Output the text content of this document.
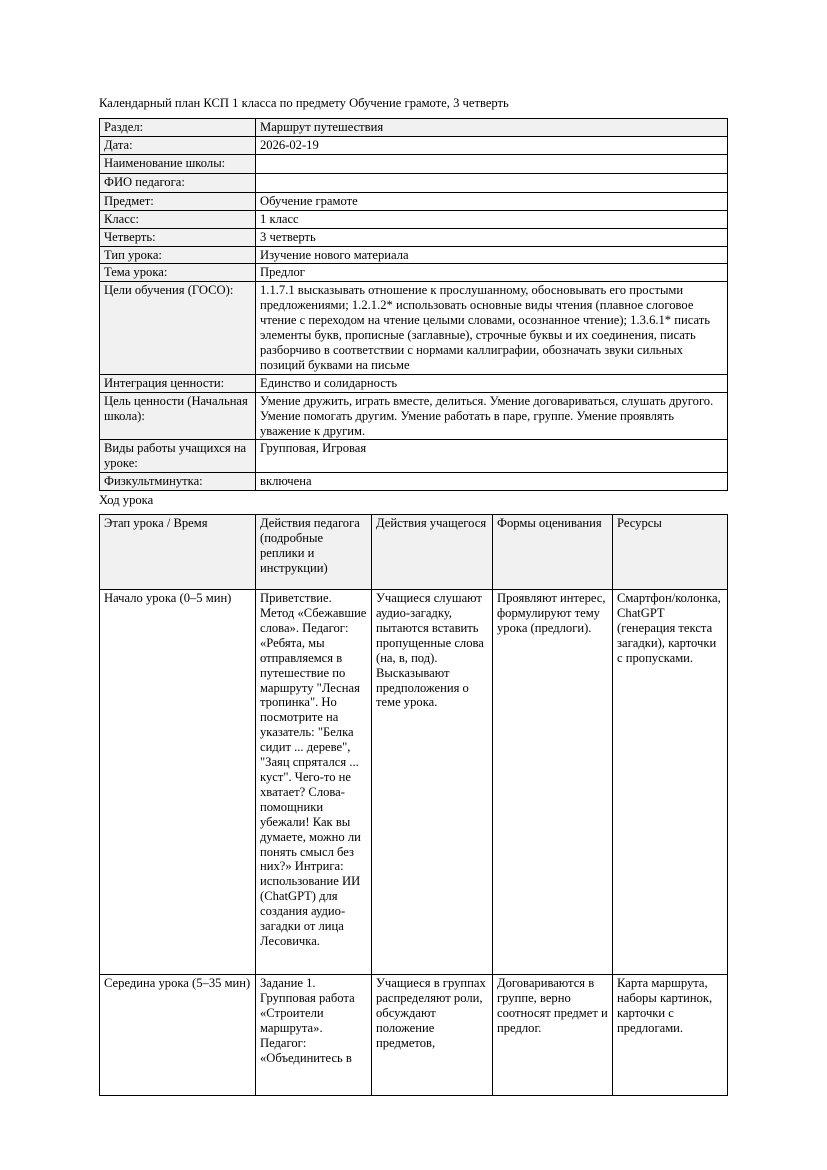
Календарный план КСП 1 класса по предмету Обучение грамоте, 3 четверть

Раздел:	Маршрут путешествия
Дата:	2026-02-19
Наименование школы:	
ФИО педагога:	
Предмет:	Обучение грамоте
Класс:	1 класс
Четверть:	3 четверть
Тип урока:	Изучение нового материала
Тема урока:	Предлог
Цели обучения (ГОСО):	1.1.7.1 высказывать отношение к прослушанному, обосновывать его простыми предложениями; 1.2.1.2* использовать основные виды чтения (плавное слоговое чтение с переходом на чтение целыми словами, осознанное чтение); 1.3.6.1* писать элементы букв, прописные (заглавные), строчные буквы и их соединения, писать разборчиво в соответствии с нормами каллиграфии, обозначать звуки сильных позиций буквами на письме
Интеграция ценности:	Единство и солидарность
Цель ценности (Начальная школа):	Умение дружить, играть вместе, делиться. Умение договариваться, слушать другого. Умение помогать другим. Умение работать в паре, группе. Умение проявлять уважение к другим.
Виды работы учащихся на уроке:	Групповая, Игровая
Физкультминутка:	включена

Ход урока

Этап урока / Время	Действия педагога (подробные реплики и инструкции)	Действия учащегося	Формы оценивания	Ресурсы
Начало урока (0–5 мин)	Приветствие. Метод «Сбежавшие слова». Педагог: «Ребята, мы отправляемся в путешествие по маршруту "Лесная тропинка". Но посмотрите на указатель: "Белка сидит ... дереве", "Заяц спрятался ... куст". Чего-то не хватает? Слова-помощники убежали! Как вы думаете, можно ли понять смысл без них?» Интрига: использование ИИ (ChatGPT) для создания аудио-загадки от лица Лесовичка.	Учащиеся слушают аудио-загадку, пытаются вставить пропущенные слова (на, в, под). Высказывают предположения о теме урока.	Проявляют интерес, формулируют тему урока (предлоги).	Смартфон/колонка, ChatGPT (генерация текста загадки), карточки с пропусками.
Середина урока (5–35 мин)	Задание 1. Групповая работа «Строители маршрута». Педагог: «Объединитесь в	Учащиеся в группах распределяют роли, обсуждают положение предметов,	Договариваются в группе, верно соотносят предмет и предлог.	Карта маршрута, наборы картинок, карточки с предлогами.
